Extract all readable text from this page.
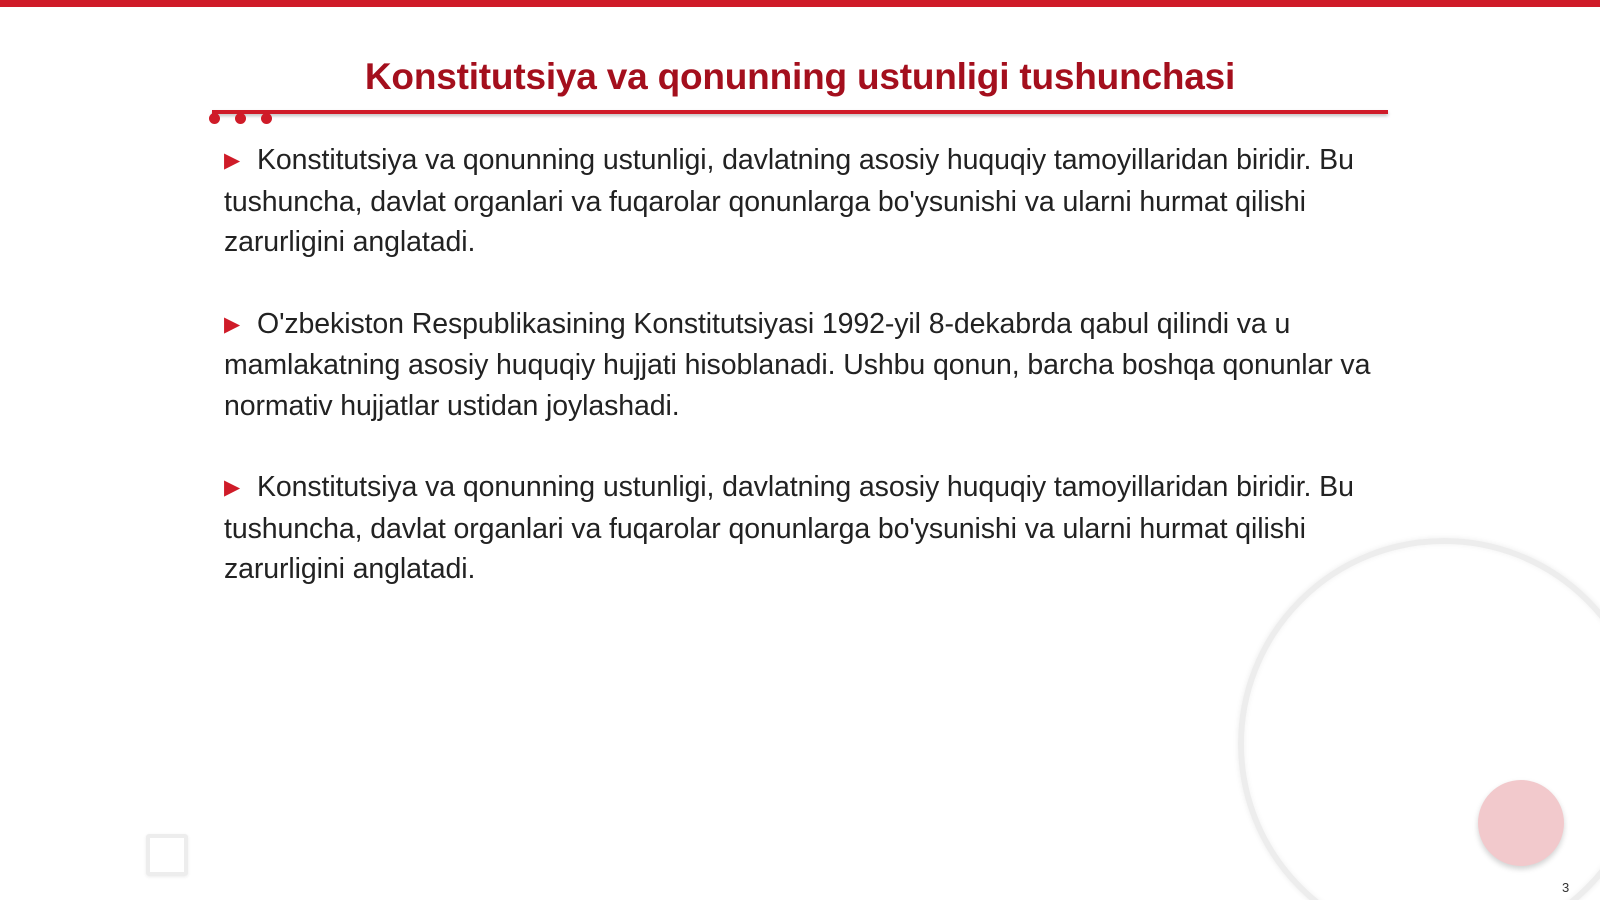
Konstitutsiya va qonunning ustunligi tushunchasi

▶ Konstitutsiya va qonunning ustunligi, davlatning asosiy huquqiy tamoyillaridan biridir. Bu tushuncha, davlat organlari va fuqarolar qonunlarga bo'ysunishi va ularni hurmat qilishi zarurligini anglatadi.

▶ O'zbekiston Respublikasining Konstitutsiyasi 1992-yil 8-dekabrda qabul qilindi va u mamlakatning asosiy huquqiy hujjati hisoblanadi. Ushbu qonun, barcha boshqa qonunlar va normativ hujjatlar ustidan joylashadi.

▶ Konstitutsiya va qonunning ustunligi, davlatning asosiy huquqiy tamoyillaridan biridir. Bu tushuncha, davlat organlari va fuqarolar qonunlarga bo'ysunishi va ularni hurmat qilishi zarurligini anglatadi.

3
